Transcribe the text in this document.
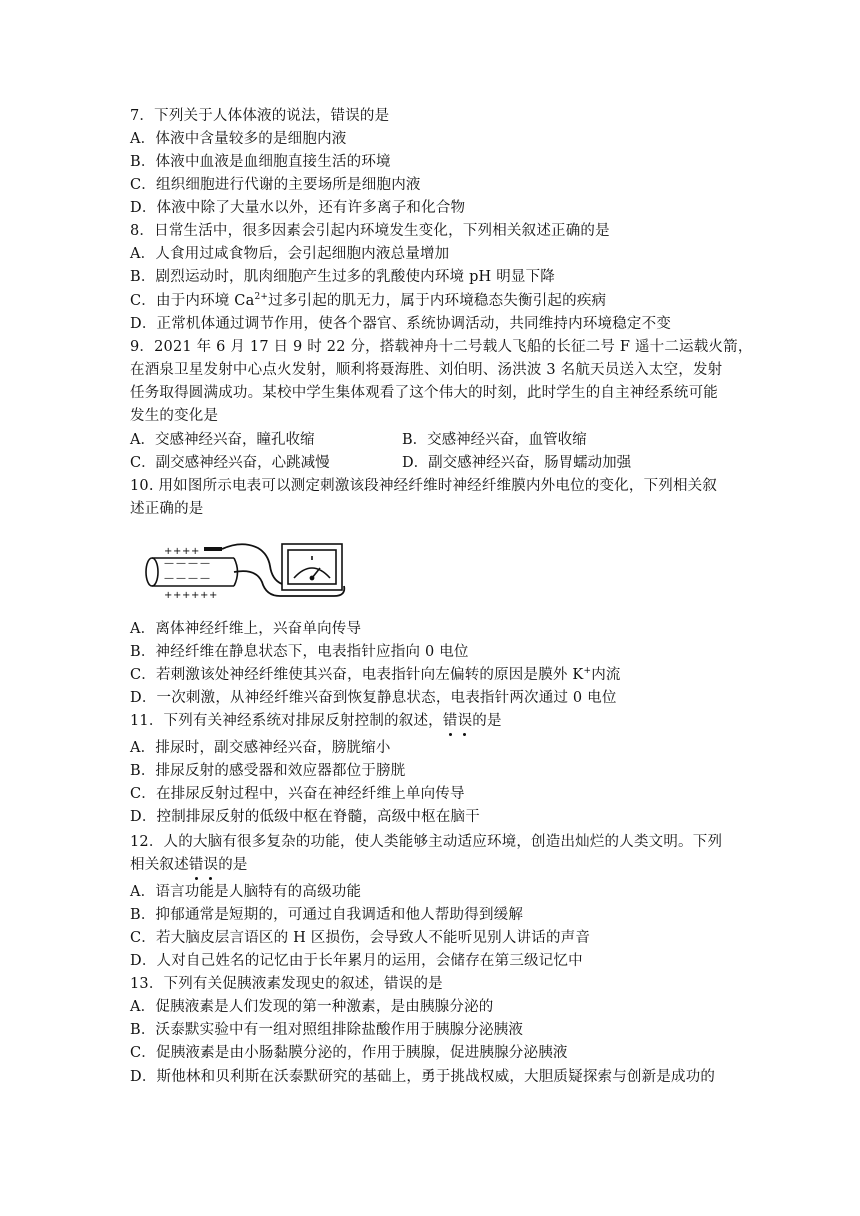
7．下列关于人体体液的说法，错误的是
A．体液中含量较多的是细胞内液
B．体液中血液是血细胞直接生活的环境
C．组织细胞进行代谢的主要场所是细胞内液
D．体液中除了大量水以外，还有许多离子和化合物
8．日常生活中，很多因素会引起内环境发生变化，下列相关叙述正确的是
A．人食用过咸食物后，会引起细胞内液总量增加
B．剧烈运动时，肌肉细胞产生过多的乳酸使内环境 pH 明显下降
C．由于内环境 $Ca^{2+}$过多引起的肌无力，属于内环境稳态失衡引起的疾病
D．正常机体通过调节作用，使各个器官、系统协调活动，共同维持内环境稳定不变
9．2021 年 6 月 17 日 9 时 22 分，搭载神舟十二号载人飞船的长征二号 F 遥十二运载火箭，
在酒泉卫星发射中心点火发射，顺利将聂海胜、刘伯明、汤洪波 3 名航天员送入太空，发射
任务取得圆满成功。某校中学生集体观看了这个伟大的时刻，此时学生的自主神经系统可能
发生的变化是
A．交感神经兴奋，瞳孔收缩	B．交感神经兴奋，血管收缩
C．副交感神经兴奋，心跳减慢	D．副交感神经兴奋，肠胃蠕动加强
10. 用如图所示电表可以测定刺激该段神经纤维时神经纤维膜内外电位的变化，下列相关叙
述正确的是
+ + + +
+ + + + + +
— — — —
— — — —
A．离体神经纤维上，兴奋单向传导
B．神经纤维在静息状态下，电表指针应指向 0 电位
C．若刺激该处神经纤维使其兴奋，电表指针向左偏转的原因是膜外 K+内流
D．一次刺激，从神经纤维兴奋到恢复静息状态，电表指针两次通过 0 电位
11．下列有关神经系统对排尿反射控制的叙述，错误的是
A．排尿时，副交感神经兴奋，膀胱缩小
B．排尿反射的感受器和效应器都位于膀胱
C．在排尿反射过程中，兴奋在神经纤维上单向传导
D．控制排尿反射的低级中枢在脊髓，高级中枢在脑干
12．人的大脑有很多复杂的功能，使人类能够主动适应环境，创造出灿烂的人类文明。下列
相关叙述错误的是
A．语言功能是人脑特有的高级功能
B．抑郁通常是短期的，可通过自我调适和他人帮助得到缓解
C．若大脑皮层言语区的 H 区损伤，会导致人不能听见别人讲话的声音
D．人对自己姓名的记忆由于长年累月的运用，会储存在第三级记忆中
13．下列有关促胰液素发现史的叙述，错误的是
A．促胰液素是人们发现的第一种激素，是由胰腺分泌的
B．沃泰默实验中有一组对照组排除盐酸作用于胰腺分泌胰液
C．促胰液素是由小肠黏膜分泌的，作用于胰腺，促进胰腺分泌胰液
D．斯他林和贝利斯在沃泰默研究的基础上，勇于挑战权威，大胆质疑探索与创新是成功的
